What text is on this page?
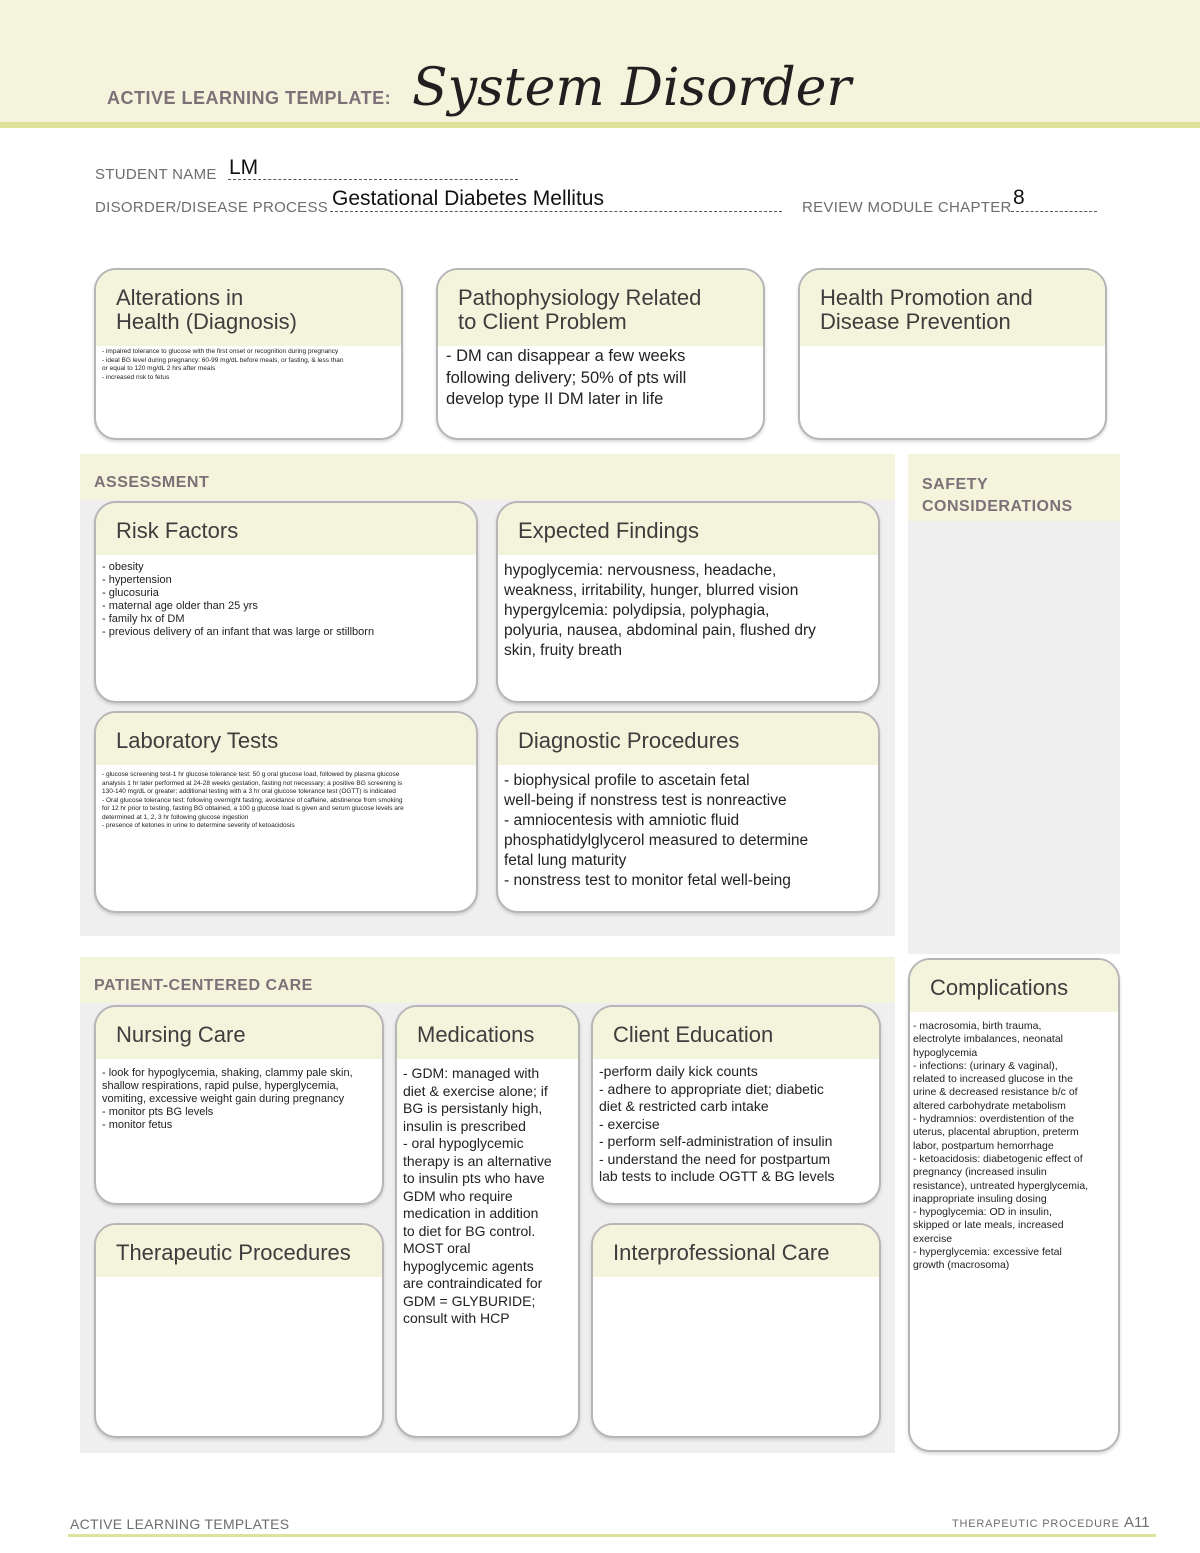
ACTIVE LEARNING TEMPLATE: System Disorder
STUDENT NAME LM
DISORDER/DISEASE PROCESS Gestational Diabetes Mellitus	REVIEW MODULE CHAPTER 8
Alterations in
Health (Diagnosis)
- impaired tolerance to glucose with the first onset or recognition during pregnancy
- ideal BG level during pregnancy: 60-99 mg/dL before meals, or fasting, & less than
or equal to 120 mg/dL 2 hrs after meals
- increased risk to fetus
Pathophysiology Related
to Client Problem
- DM can disappear a few weeks
following delivery; 50% of pts will
develop type II DM later in life
Health Promotion and
Disease Prevention
ASSESSMENT
Risk Factors
- obesity
- hypertension
- glucosuria
- maternal age older than 25 yrs
- family hx of DM
- previous delivery of an infant that was large or stillborn
Expected Findings
hypoglycemia: nervousness, headache,
weakness, irritability, hunger, blurred vision
hypergylcemia: polydipsia, polyphagia,
polyuria, nausea, abdominal pain, flushed dry
skin, fruity breath
Laboratory Tests
- glucose screening test-1 hr glucose tolerance test: 50 g oral glucose load, followed by plasma glucose
analysis 1 hr later performed at 24-28 weeks gestation, fasting not necessary; a positive BG screening is
130-140 mg/dL or greater; additional testing with a 3 hr oral glucose tolerance test (OGTT) is indicated
- Oral glucose tolerance test: following overnight fasting, avoidance of caffeine, abstinence from smoking
for 12 hr prior to testing, fasting BG obtained, a 100 g glucose load is given and serum glucose levels are
determined at 1, 2, 3 hr following glucose ingestion
- presence of ketones in urine to determine severity of ketoacidosis
Diagnostic Procedures
- biophysical profile to ascetain fetal
well-being if nonstress test is nonreactive
- amniocentesis with amniotic fluid
phosphatidylglycerol measured to determine
fetal lung maturity
- nonstress test to monitor fetal well-being
SAFETY
CONSIDERATIONS
PATIENT-CENTERED CARE
Nursing Care
- look for hypoglycemia, shaking, clammy pale skin,
shallow respirations, rapid pulse, hyperglycemia,
vomiting, excessive weight gain during pregnancy
- monitor pts BG levels
- monitor fetus
Medications
- GDM: managed with
diet & exercise alone; if
BG is persistanly high,
insulin is prescribed
- oral hypoglycemic
therapy is an alternative
to insulin pts who have
GDM who require
medication in addition
to diet for BG control.
MOST oral
hypoglycemic agents
are contraindicated for
GDM = GLYBURIDE;
consult with HCP
Client Education
-perform daily kick counts
- adhere to appropriate diet; diabetic
diet & restricted carb intake
- exercise
- perform self-administration of insulin
- understand the need for postpartum
lab tests to include OGTT & BG levels
Therapeutic Procedures	Interprofessional Care
Complications
- macrosomia, birth trauma,
electrolyte imbalances, neonatal
hypoglycemia
- infections: (urinary & vaginal),
related to increased glucose in the
urine & decreased resistance b/c of
altered carbohydrate metabolism
- hydramnios: overdistention of the
uterus, placental abruption, preterm
labor, postpartum hemorrhage
- ketoacidosis: diabetogenic effect of
pregnancy (increased insulin
resistance), untreated hyperglycemia,
inappropriate insuling dosing
- hypoglycemia: OD in insulin,
skipped or late meals, increased
exercise
- hyperglycemia: excessive fetal
growth (macrosoma)
ACTIVE LEARNING TEMPLATES	THERAPEUTIC PROCEDURE A11
